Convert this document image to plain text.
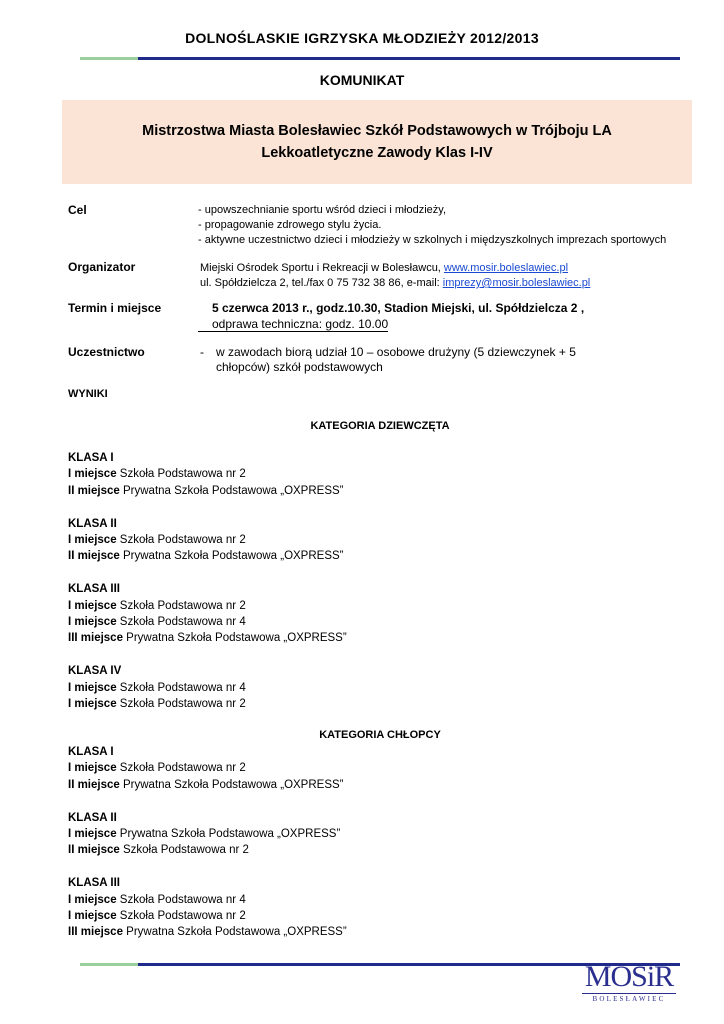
DOLNOŚLASKIE IGRZYSKA MŁODZIEŻY 2012/2013
KOMUNIKAT
Mistrzostwa Miasta Bolesławiec Szkół Podstawowych w Trójboju LA
Lekkoatletyczne Zawody Klas I-IV
Cel	- upowszechnianie sportu wśród dzieci i młodzieży,
- propagowanie zdrowego stylu życia.
- aktywne uczestnictwo dzieci i młodzieży w szkolnych i międzyszkolnych imprezach sportowych
Organizator	Miejski Ośrodek Sportu i Rekreacji w Bolesławcu, www.mosir.boleslawiec.pl
ul. Spółdzielcza 2, tel./fax 0 75 732 38 86, e-mail: imprezy@mosir.boleslawiec.pl
Termin i miejsce	5 czerwca 2013 r., godz.10.30, Stadion Miejski, ul. Spółdzielcza 2 ,
odprawa techniczna: godz. 10.00
Uczestnictwo	- w zawodach biorą udział 10 – osobowe drużyny (5 dziewczynek + 5
chłopców) szkół podstawowych
WYNIKI
KATEGORIA DZIEWCZĘTA
KLASA I
I miejsce Szkoła Podstawowa nr 2
II miejsce Prywatna Szkoła Podstawowa „OXPRESS”
KLASA II
I miejsce Szkoła Podstawowa nr 2
II miejsce Prywatna Szkoła Podstawowa „OXPRESS”
KLASA III
I miejsce Szkoła Podstawowa nr 2
I miejsce Szkoła Podstawowa nr 4
III miejsce Prywatna Szkoła Podstawowa „OXPRESS”
KLASA IV
I miejsce Szkoła Podstawowa nr 4
I miejsce Szkoła Podstawowa nr 2
KATEGORIA CHŁOPCY
KLASA I
I miejsce Szkoła Podstawowa nr 2
II miejsce Prywatna Szkoła Podstawowa „OXPRESS”
KLASA II
I miejsce Prywatna Szkoła Podstawowa „OXPRESS”
II miejsce Szkoła Podstawowa nr 2
KLASA III
I miejsce Szkoła Podstawowa nr 4
I miejsce Szkoła Podstawowa nr 2
III miejsce Prywatna Szkoła Podstawowa „OXPRESS”
MOSiR
BOLESŁAWIEC
